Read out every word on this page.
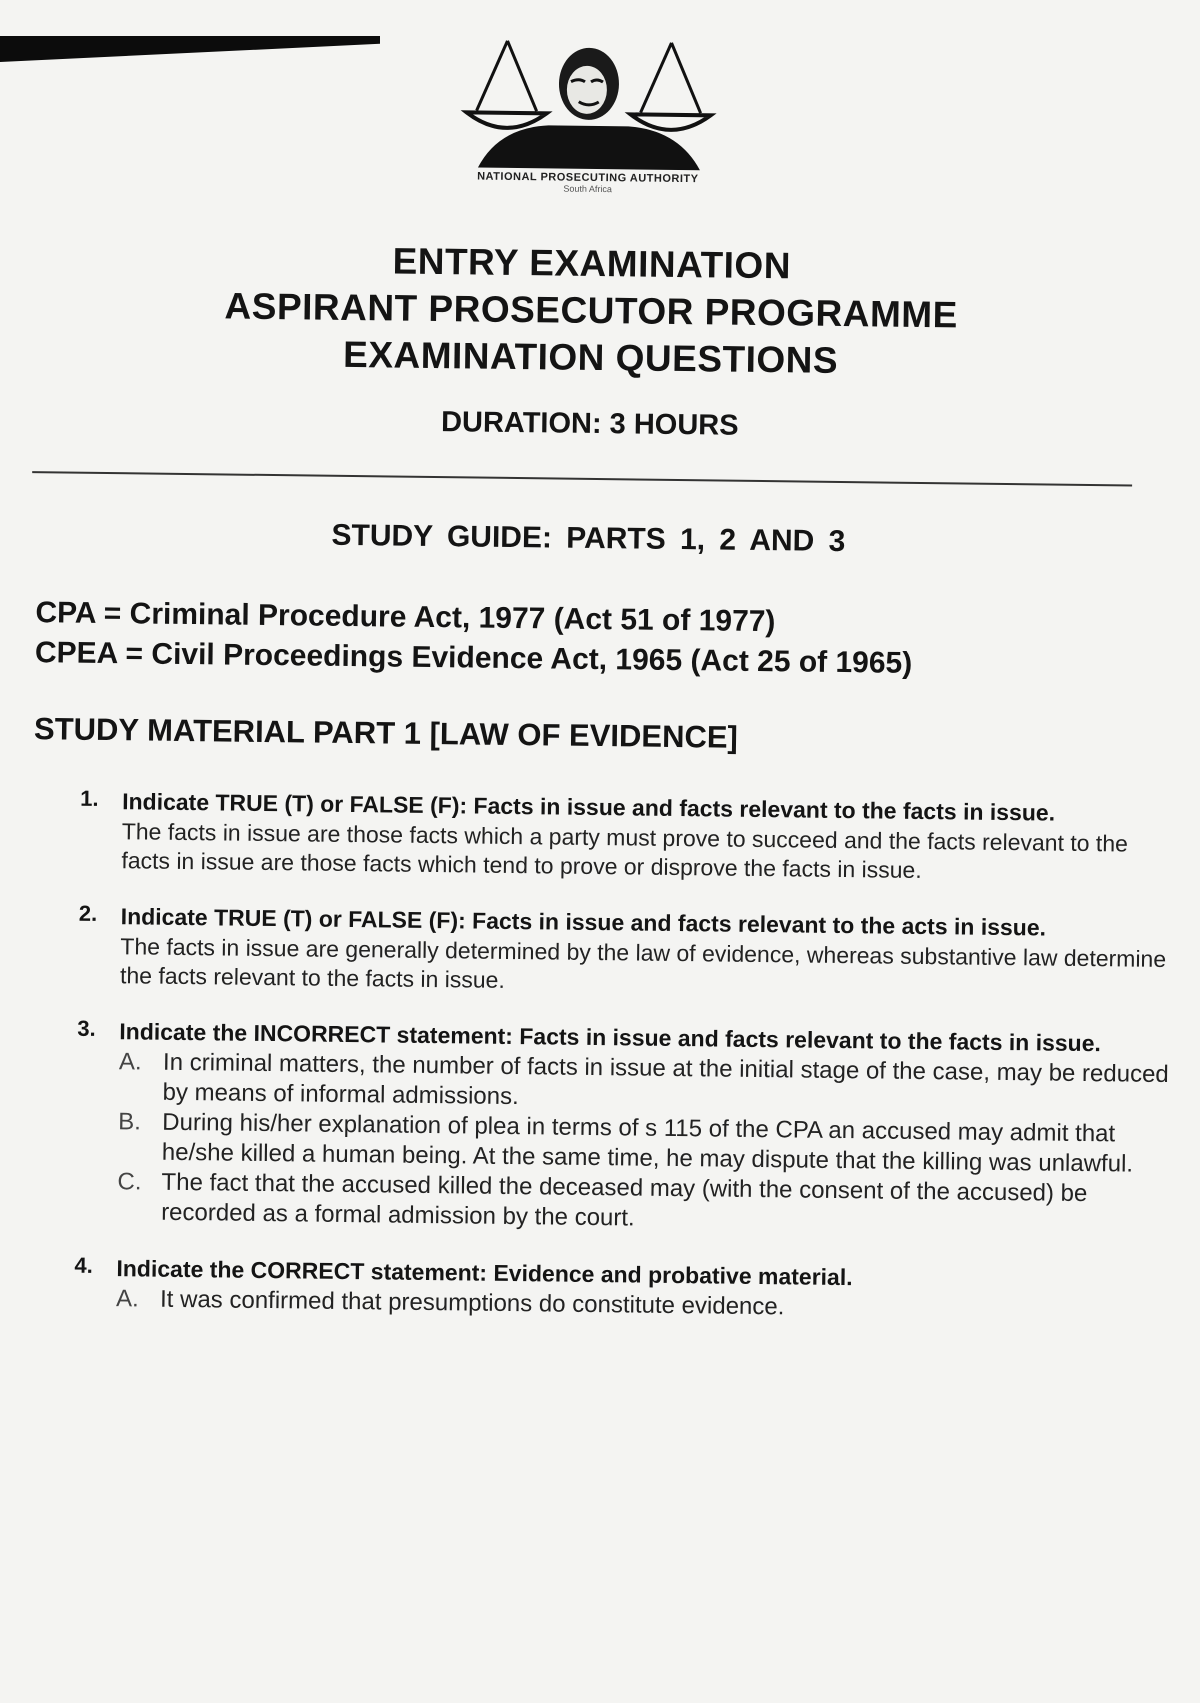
NATIONAL PROSECUTING AUTHORITY
South Africa
ENTRY EXAMINATION
ASPIRANT PROSECUTOR PROGRAMME
EXAMINATION QUESTIONS
DURATION: 3 HOURS
STUDY GUIDE: PARTS 1, 2 AND 3
CPA = Criminal Procedure Act, 1977 (Act 51 of 1977)
CPEA = Civil Proceedings Evidence Act, 1965 (Act 25 of 1965)
STUDY MATERIAL PART 1 [LAW OF EVIDENCE]
1. Indicate TRUE (T) or FALSE (F): Facts in issue and facts relevant to the facts in issue.
The facts in issue are those facts which a party must prove to succeed and the facts relevant to the facts in issue are those facts which tend to prove or disprove the facts in issue.
2. Indicate TRUE (T) or FALSE (F): Facts in issue and facts relevant to the acts in issue.
The facts in issue are generally determined by the law of evidence, whereas substantive law determine the facts relevant to the facts in issue.
3. Indicate the INCORRECT statement: Facts in issue and facts relevant to the facts in issue.
A. In criminal matters, the number of facts in issue at the initial stage of the case, may be reduced by means of informal admissions.
B. During his/her explanation of plea in terms of s 115 of the CPA an accused may admit that he/she killed a human being. At the same time, he may dispute that the killing was unlawful.
C. The fact that the accused killed the deceased may (with the consent of the accused) be recorded as a formal admission by the court.
4. Indicate the CORRECT statement: Evidence and probative material.
A. It was confirmed that presumptions do constitute evidence.
